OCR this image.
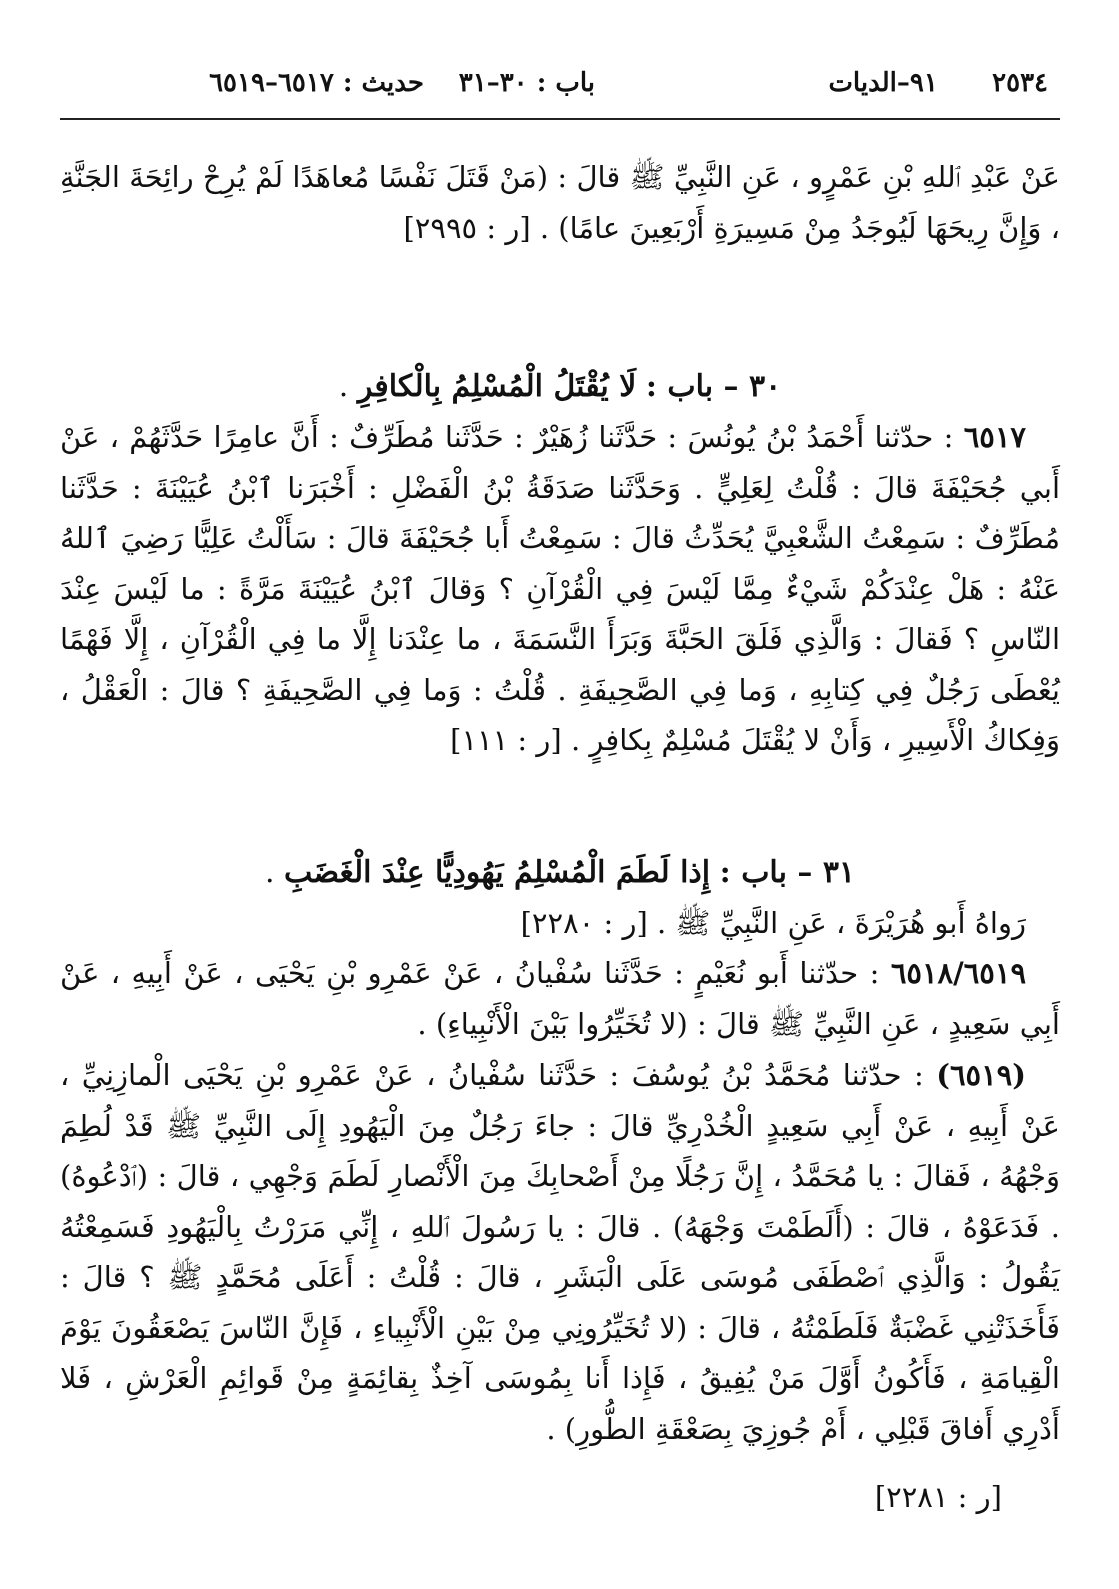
٢٥٣٤      ٩١–الديات
باب : ٣٠–٣١
حديث : ٦٥١٧–٦٥١٩

عَنْ عَبْدِ ٱللهِ بْنِ عَمْرٍو ، عَنِ النَّبِيِّ ﷺ قالَ : (مَنْ قَتَلَ نَفْسًا مُعاهَدًا لَمْ يُرِحْ رائِحَةَ الجَنَّةِ ، وَإِنَّ رِيحَهَا لَيُوجَدُ مِنْ مَسِيرَةِ أَرْبَعِينَ عامًا) . [ر : ٢٩٩٥]

٣٠ – باب : لَا يُقْتَلُ الْمُسْلِمُ بِالْكافِرِ .

٦٥١٧ : حدّثنا أَحْمَدُ بْنُ يُونُسَ : حَدَّثَنا زُهَيْرٌ : حَدَّثَنا مُطَرِّفٌ : أَنَّ عامِرًا حَدَّثَهُمْ ، عَنْ أَبي جُحَيْفَةَ قالَ : قُلْتُ لِعَلِيٍّ . وَحَدَّثَنا صَدَقَةُ بْنُ الْفَضْلِ : أَخْبَرَنا ٱبْنُ عُيَيْنَةَ : حَدَّثَنا مُطَرِّفٌ : سَمِعْتُ الشَّعْبِيَّ يُحَدِّثُ قالَ : سَمِعْتُ أَبا جُحَيْفَةَ قالَ : سَأَلْتُ عَلِيًّا رَضِيَ ٱللهُ عَنْهُ : هَلْ عِنْدَكُمْ شَيْءٌ مِمَّا لَيْسَ فِي الْقُرْآنِ ؟ وَقالَ ٱبْنُ عُيَيْنَةَ مَرَّةً : ما لَيْسَ عِنْدَ النّاسِ ؟ فَقالَ : وَالَّذِي فَلَقَ الحَبَّةَ وَبَرَأَ النَّسَمَةَ ، ما عِنْدَنا إِلَّا ما فِي الْقُرْآنِ ، إِلَّا فَهْمًا يُعْطَى رَجُلٌ فِي كِتابِهِ ، وَما فِي الصَّحِيفَةِ . قُلْتُ : وَما فِي الصَّحِيفَةِ ؟ قالَ : الْعَقْلُ ، وَفِكاكُ الْأَسِيرِ ، وَأَنْ لا يُقْتَلَ مُسْلِمٌ بِكافِرٍ . [ر : ١١١]

٣١ – باب : إِذا لَطَمَ الْمُسْلِمُ يَهُودِيًّا عِنْدَ الْغَضَبِ .

رَواهُ أَبو هُرَيْرَةَ ، عَنِ النَّبِيِّ ﷺ . [ر : ٢٢٨٠]

٦٥١٨/٦٥١٩ : حدّثنا أَبو نُعَيْمٍ : حَدَّثَنا سُفْيانُ ، عَنْ عَمْرِو بْنِ يَحْيَى ، عَنْ أَبِيهِ ، عَنْ أَبِي سَعِيدٍ ، عَنِ النَّبِيِّ ﷺ قالَ : (لا تُخَيِّرُوا بَيْنَ الْأَنْبِياءِ) .

(٦٥١٩) : حدّثنا مُحَمَّدُ بْنُ يُوسُفَ : حَدَّثَنا سُفْيانُ ، عَنْ عَمْرِو بْنِ يَحْيَى الْمازِنِيِّ ، عَنْ أَبِيهِ ، عَنْ أَبِي سَعِيدٍ الْخُدْرِيِّ قالَ : جاءَ رَجُلٌ مِنَ الْيَهُودِ إِلَى النَّبِيِّ ﷺ قَدْ لُطِمَ وَجْهُهُ ، فَقالَ : يا مُحَمَّدُ ، إِنَّ رَجُلًا مِنْ أَصْحابِكَ مِنَ الْأَنْصارِ لَطَمَ وَجْهِي ، قالَ : (ٱدْعُوهُ) . فَدَعَوْهُ ، قالَ : (أَلَطَمْتَ وَجْهَهُ) . قالَ : يا رَسُولَ ٱللهِ ، إِنِّي مَرَرْتُ بِالْيَهُودِ فَسَمِعْتُهُ يَقُولُ : وَالَّذِي ٱصْطَفَى مُوسَى عَلَى الْبَشَرِ ، قالَ : قُلْتُ : أَعَلَى مُحَمَّدٍ ﷺ ؟ قالَ : فَأَخَذَتْنِي غَضْبَةٌ فَلَطَمْتُهُ ، قالَ : (لا تُخَيِّرُونِي مِنْ بَيْنِ الْأَنْبِياءِ ، فَإِنَّ النّاسَ يَصْعَقُونَ يَوْمَ الْقِيامَةِ ، فَأَكُونُ أَوَّلَ مَنْ يُفِيقُ ، فَإِذا أَنا بِمُوسَى آخِذٌ بِقائِمَةٍ مِنْ قَوائِمِ الْعَرْشِ ، فَلا أَدْرِي أَفاقَ قَبْلِي ، أَمْ جُوزِيَ بِصَعْقَةِ الطُّورِ) .

[ر : ٢٢٨١]
